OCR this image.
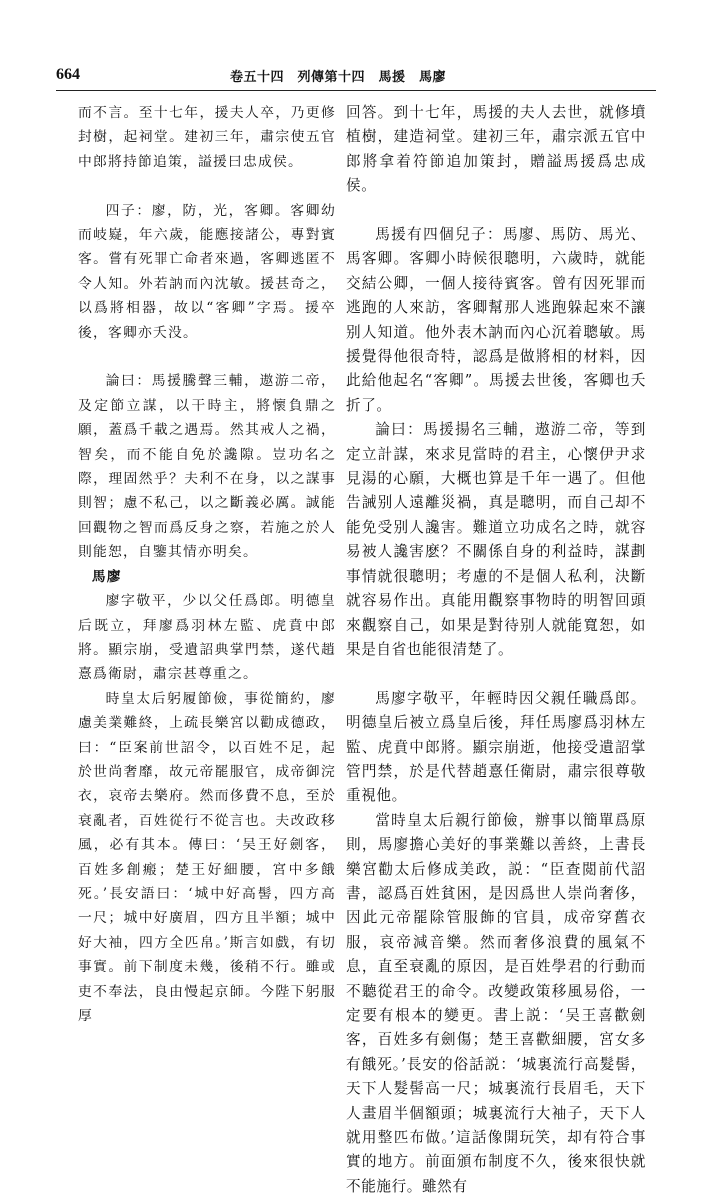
664	卷五十四　列傳第十四　馬援　馬廖

而不言。至十七年，援夫人卒，乃更修封樹，起祠堂。建初三年，肅宗使五官中郎將持節追策，謚援曰忠成侯。

四子：廖，防，光，客卿。客卿幼而岐嶷，年六歲，能應接諸公，專對賓客。嘗有死罪亡命者來過，客卿逃匿不令人知。外若訥而內沈敏。援甚奇之，以爲將相器，故以“客卿”字焉。援卒後，客卿亦夭没。

論曰：馬援騰聲三輔，遨游二帝，及定節立謀，以干時主，將懷負鼎之願，蓋爲千載之遇焉。然其戒人之禍，智矣，而不能自免於讒隙。豈功名之際，理固然乎？夫利不在身，以之謀事則智；慮不私己，以之斷義必厲。誠能回觀物之智而爲反身之察，若施之於人則能恕，自鑒其情亦明矣。

馬廖

廖字敬平，少以父任爲郎。明德皇后既立，拜廖爲羽林左監、虎賁中郎將。顯宗崩，受遺詔典掌門禁，遂代趙憙爲衛尉，肅宗甚尊重之。

時皇太后躬履節儉，事從簡約，廖慮美業難終，上疏長樂宮以勸成德政，曰：“臣案前世詔令，以百姓不足，起於世尚奢靡，故元帝罷服官，成帝御浣衣，哀帝去樂府。然而侈費不息，至於衰亂者，百姓從行不從言也。夫改政移風，必有其本。傳曰：‘吴王好劍客，百姓多創瘢；楚王好細腰，宮中多餓死。’長安語曰：‘城中好高髻，四方高一尺；城中好廣眉，四方且半額；城中好大袖，四方全匹帛。’斯言如戲，有切事實。前下制度未幾，後稍不行。雖或吏不奉法，良由慢起京師。今陛下躬服厚

回答。到十七年，馬援的夫人去世，就修墳植樹，建造祠堂。建初三年，肅宗派五官中郎將拿着符節追加策封，贈謚馬援爲忠成侯。

馬援有四個兒子：馬廖、馬防、馬光、馬客卿。客卿小時候很聰明，六歲時，就能交結公卿，一個人接待賓客。曾有因死罪而逃跑的人來訪，客卿幫那人逃跑躲起來不讓别人知道。他外表木訥而內心沉着聰敏。馬援覺得他很奇特，認爲是做將相的材料，因此給他起名“客卿”。馬援去世後，客卿也夭折了。

論曰：馬援揚名三輔，遨游二帝，等到定立計謀，來求見當時的君主，心懷伊尹求見湯的心願，大概也算是千年一遇了。但他告誡别人遠離災禍，真是聰明，而自己却不能免受别人讒害。難道立功成名之時，就容易被人讒害麽？不關係自身的利益時，謀劃事情就很聰明；考慮的不是個人私利，決斷就容易作出。真能用觀察事物時的明智回頭來觀察自己，如果是對待别人就能寬恕，如果是自省也能很清楚了。

馬廖字敬平，年輕時因父親任職爲郎。明德皇后被立爲皇后後，拜任馬廖爲羽林左監、虎賁中郎將。顯宗崩逝，他接受遺詔掌管門禁，於是代替趙憙任衛尉，肅宗很尊敬重視他。

當時皇太后親行節儉，辦事以簡單爲原則，馬廖擔心美好的事業難以善終，上書長樂宮勸太后修成美政，説：“臣查閲前代詔書，認爲百姓貧困，是因爲世人崇尚奢侈，因此元帝罷除管服飾的官員，成帝穿舊衣服，哀帝減音樂。然而奢侈浪費的風氣不息，直至衰亂的原因，是百姓學君的行動而不聽從君王的命令。改變政策移風易俗，一定要有根本的變更。書上説：‘吴王喜歡劍客，百姓多有劍傷；楚王喜歡細腰，宮女多有餓死。’長安的俗話説：‘城裏流行高髮髻，天下人髮髻高一尺；城裏流行長眉毛，天下人畫眉半個額頭；城裏流行大袖子，天下人就用整匹布做。’這話像開玩笑，却有符合事實的地方。前面頒布制度不久，後來很快就不能施行。雖然有
